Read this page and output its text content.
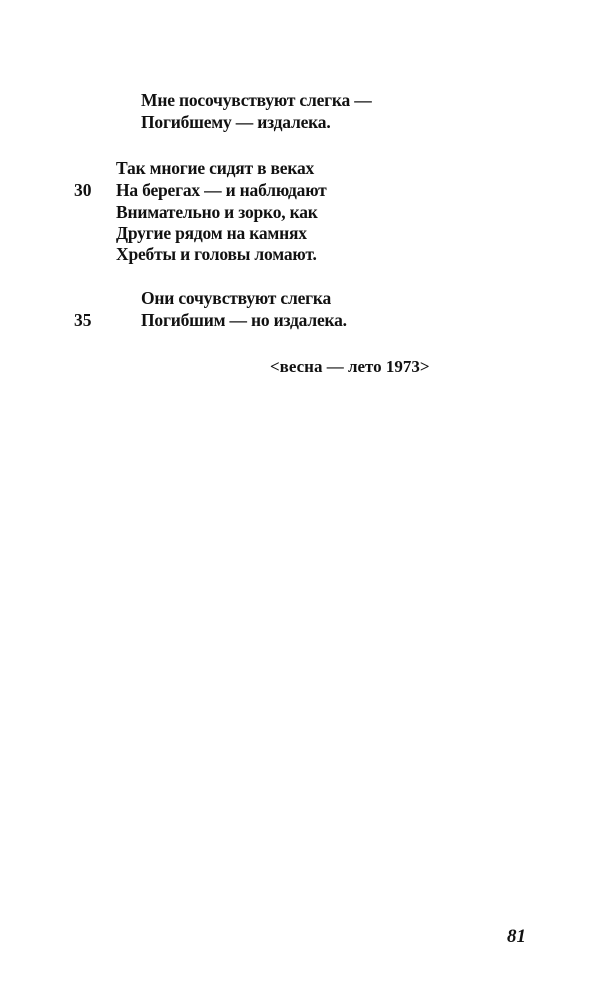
Мне посочувствуют слегка —
Погибшему — издалека.
Так многие сидят в веках
30 На берегах — и наблюдают
Внимательно и зорко, как
Другие рядом на камнях
Хребты и головы ломают.
Они сочувствуют слегка
35	Погибшим — но издалека.
<весна — лето 1973>
81
